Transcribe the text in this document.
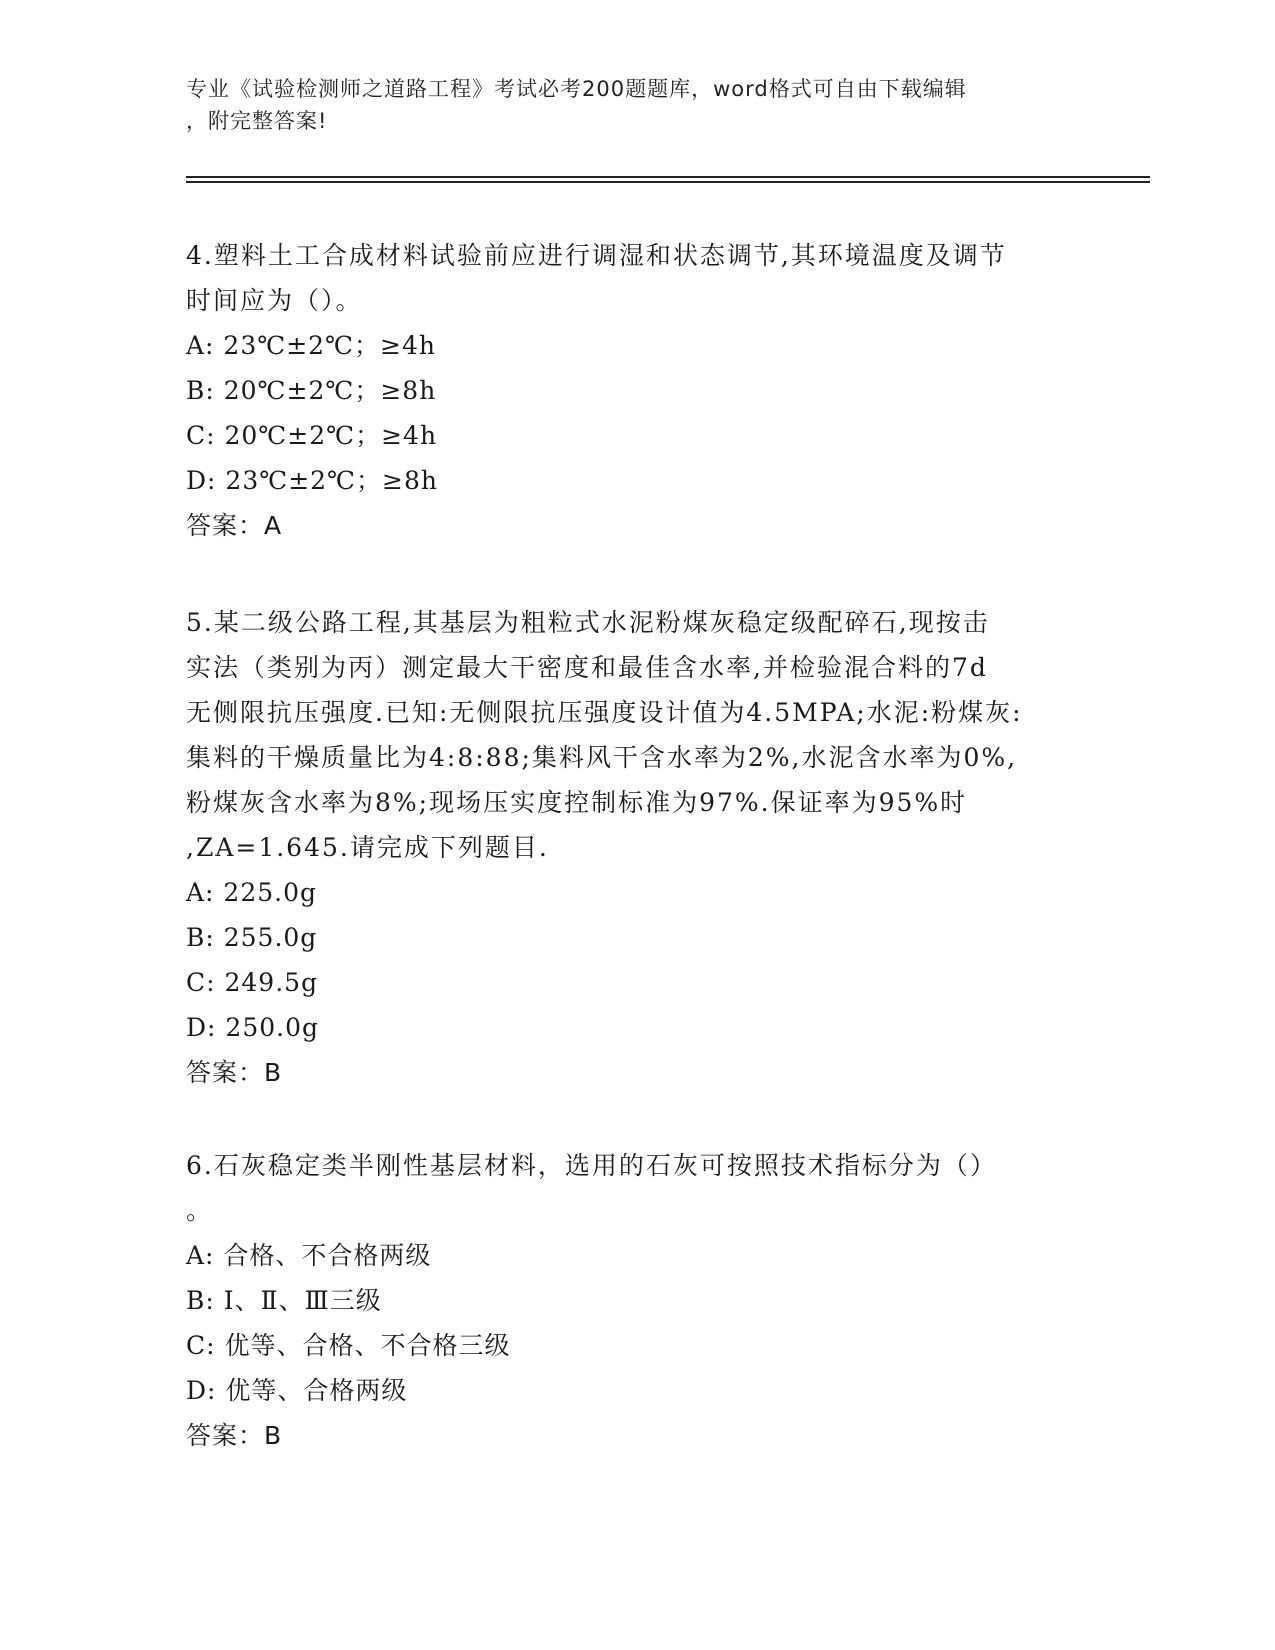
专业《试验检测师之道路工程》考试必考200题题库，word格式可自由下载编辑
，附完整答案!
4.塑料土工合成材料试验前应进行调湿和状态调节,其环境温度及调节
时间应为（）。
A: 23℃±2℃；≥4h
B: 20℃±2℃；≥8h
C: 20℃±2℃；≥4h
D: 23℃±2℃；≥8h
答案：A
5.某二级公路工程,其基层为粗粒式水泥粉煤灰稳定级配碎石,现按击
实法（类别为丙）测定最大干密度和最佳含水率,并检验混合料的7d
无侧限抗压强度.已知:无侧限抗压强度设计值为4.5MPA;水泥:粉煤灰:
集料的干燥质量比为4:8:88;集料风干含水率为2%,水泥含水率为0%,
粉煤灰含水率为8%;现场压实度控制标准为97%.保证率为95%时
,ZA=1.645.请完成下列题目.
A: 225.0g
B: 255.0g
C: 249.5g
D: 250.0g
答案：B
6.石灰稳定类半刚性基层材料，选用的石灰可按照技术指标分为（）
。
A: 合格、不合格两级
B: Ⅰ、Ⅱ、Ⅲ三级
C: 优等、合格、不合格三级
D: 优等、合格两级
答案：B
